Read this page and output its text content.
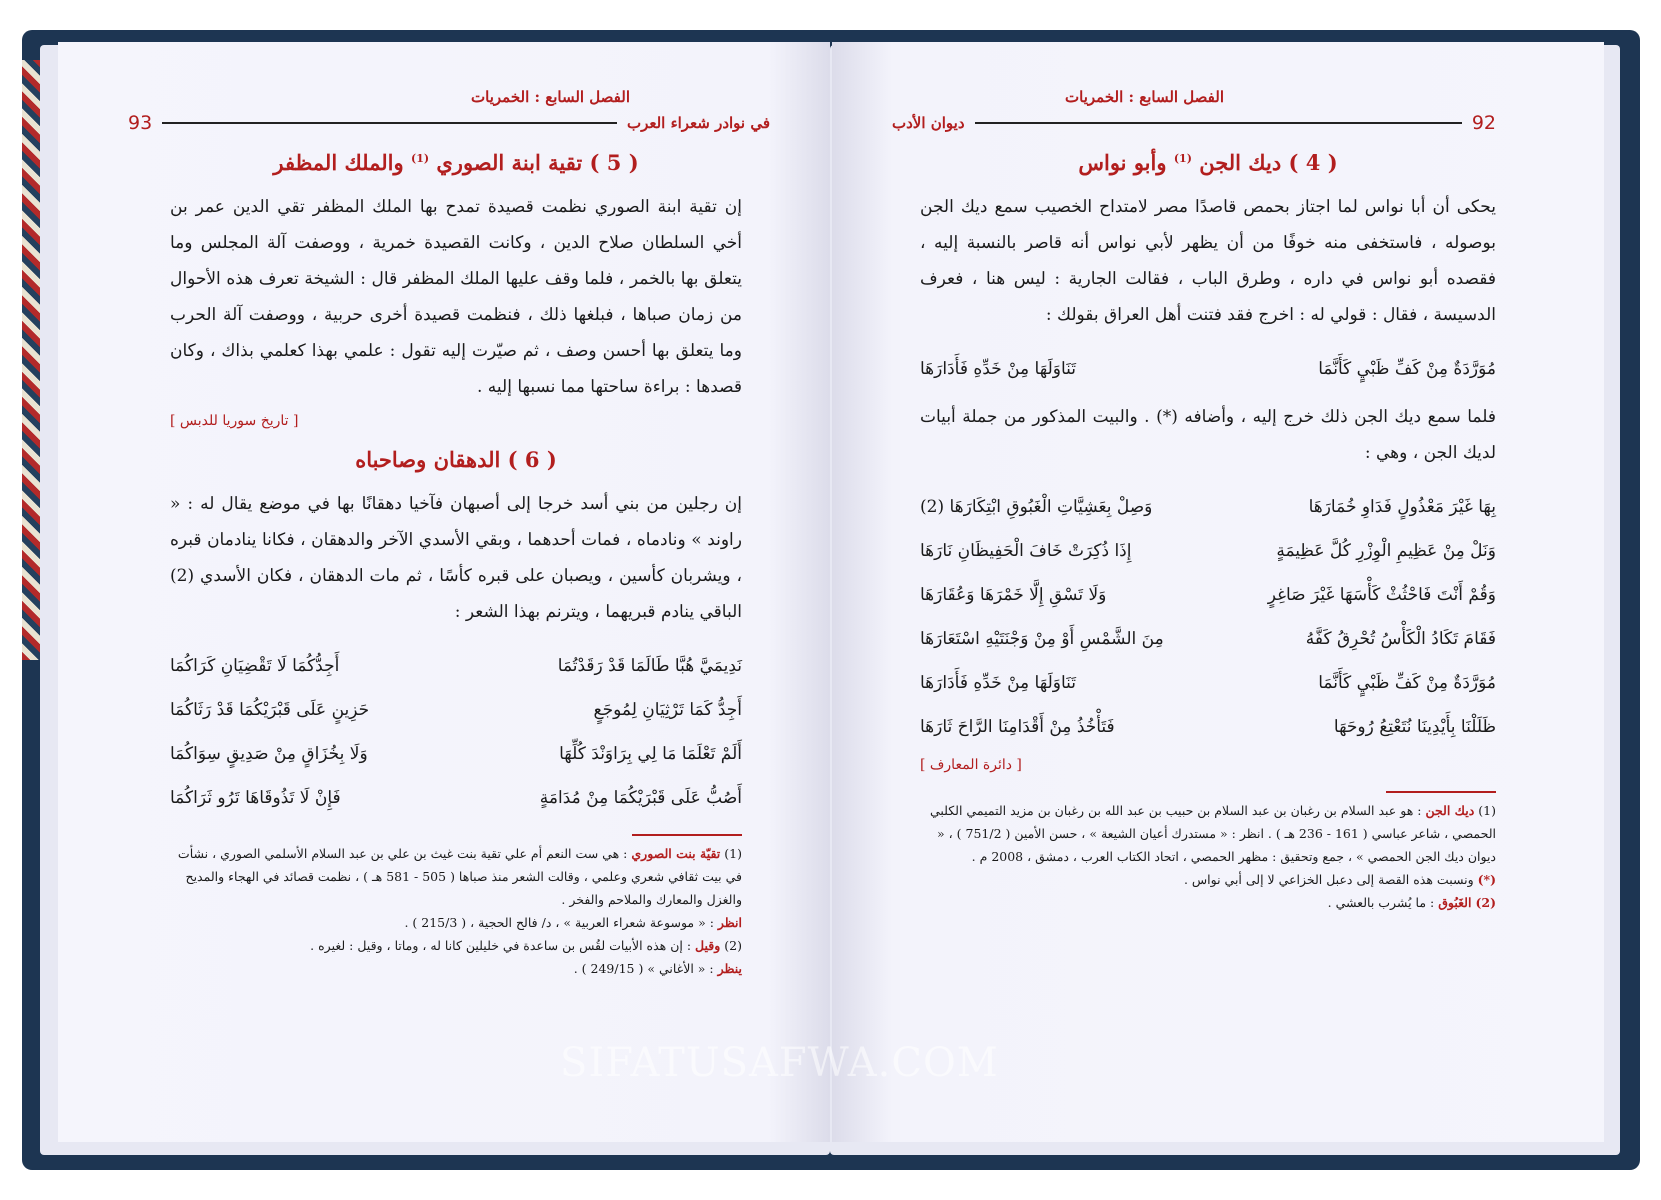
الفصل السابع : الخمريات
في نوادر شعراء العرب
93
( 5 ) تقية ابنة الصوري $^{(1)}$ والملك المظفر

إن تقية ابنة الصوري نظمت قصيدة تمدح بها الملك المظفر تقي الدين عمر بن أخي السلطان صلاح الدين ، وكانت القصيدة خمرية ، ووصفت آلة المجلس وما يتعلق بها بالخمر ، فلما وقف عليها الملك المظفر قال : الشيخة تعرف هذه الأحوال من زمان صباها ، فبلغها ذلك ، فنظمت قصيدة أخرى حربية ، ووصفت آلة الحرب وما يتعلق بها أحسن وصف ، ثم صيّرت إليه تقول : علمي بهذا كعلمي بذاك ، وكان قصدها : براءة ساحتها مما نسبها إليه .

[ تاريخ سوريا للدبس ]
( 6 ) الدهقان وصاحباه

إن رجلين من بني أسد خرجا إلى أصبهان فآخيا دهقانًا بها في موضع يقال له : « راوند » ونادماه ، فمات أحدهما ، وبقي الأسدي الآخر والدهقان ، فكانا ينادمان قبره ، ويشربان كأسين ، ويصبان على قبره كأسًا ، ثم مات الدهقان ، فكان الأسدي (2) الباقي ينادم قبريهما ، ويترنم بهذا الشعر :

نَدِيمَيَّ هُبَّا طَالَمَا قَدْ رَقَدْتُمَا
أَجِدُّكُمَا لَا تَقْضِيَانِ كَرَاكُمَا
أَجِدُّ كَمَا تَرْثِيَانِ لِمُوجَعٍ
حَزِينٍ عَلَى قَبْرَيْكُمَا قَدْ رَثَاكُمَا
أَلَمْ تَعْلَمَا مَا لِي بِرَاوَنْدَ كُلِّهَا
وَلَا بِخُزَاقٍ مِنْ صَدِيقٍ سِوَاكُمَا
أَصُبُّ عَلَى قَبْرَيْكُمَا مِنْ مُدَامَةٍ
فَإِنْ لَا تَذُوقَاهَا تَرُو ثَرَاكُمَا

(1) تقيّة بنت الصوري : هي ست النعم أم علي تقية بنت غيث بن علي بن عبد السلام الأسلمي الصوري ، نشأت في بيت ثقافي شعري وعلمي ، وقالت الشعر منذ صباها ( 505 - 581 هـ ) ، نظمت قصائد في الهجاء والمديح والغزل والمعارك والملاحم والفخر .

انظر : « موسوعة شعراء العربية » ، د/ فالح الحجية ، ( 215/3 ) .

(2) وقيل : إن هذه الأبيات لقُس بن ساعدة في خليلين كانا له ، وماتا ، وقيل : لغيره .

ينظر : « الأغاني » ( 249/15 ) .

الفصل السابع : الخمريات
92
ديوان الأدب
( 4 ) ديك الجن $^{(1)}$ وأبو نواس

يحكى أن أبا نواس لما اجتاز بحمص قاصدًا مصر لامتداح الخصيب سمع ديك الجن بوصوله ، فاستخفى منه خوفًا من أن يظهر لأبي نواس أنه قاصر بالنسبة إليه ، فقصده أبو نواس في داره ، وطرق الباب ، فقالت الجارية : ليس هنا ، فعرف الدسيسة ، فقال : قولي له : اخرج فقد فتنت أهل العراق بقولك :

مُوَرَّدَةٌ مِنْ كَفِّ ظَبْيٍ كَأَنَّمَا
تَنَاوَلَهَا مِنْ خَدِّهِ فَأَدَارَهَا

فلما سمع ديك الجن ذلك خرج إليه ، وأضافه (*) . والبيت المذكور من جملة أبيات لديك الجن ، وهي :

بِهَا غَيْرَ مَعْذُولٍ فَدَاوِ خُمَارَهَا
وَصِلْ بِعَشِيَّاتِ الْغَبُوقِ ابْتِكَارَهَا (2)
وَنَلْ مِنْ عَظِيمِ الْوِزْرِ كُلَّ عَظِيمَةٍ
إِذَا ذُكِرَتْ خَافَ الْحَفِيظَانِ نَارَهَا
وَقُمْ أَنْتَ فَاحْثُثْ كَأْسَهَا غَيْرَ صَاغِرٍ
وَلَا تَسْقِ إِلَّا خَمْرَهَا وَعُقَارَهَا
فَقَامَ تَكَادُ الْكَأْسُ تُحْرِقُ كَفَّهُ
مِنَ الشَّمْسِ أَوْ مِنْ وَجْنَتَيْهِ اسْتَعَارَهَا
مُوَرَّدَةٌ مِنْ كَفِّ ظَبْيٍ كَأَنَّمَا
تَنَاوَلَهَا مِنْ خَدِّهِ فَأَدَارَهَا
ظَلَلْنَا بِأَيْدِينَا نُتَعْتِعُ رُوحَهَا
فَتَأْخُذُ مِنْ أَقْدَامِنَا الرَّاحَ ثَارَهَا
[ دائرة المعارف ]

(1) ديك الجن : هو عبد السلام بن رغبان بن عبد السلام بن حبيب بن عبد الله بن رغبان بن مزيد التميمي الكلبي الحمصي ، شاعر عباسي ( 161 - 236 هـ ) . انظر : « مستدرك أعيان الشيعة » ، حسن الأمين ( 751/2 ) ، « ديوان ديك الجن الحمصي » ، جمع وتحقيق : مظهر الحمصي ، اتحاد الكتاب العرب ، دمشق ، 2008 م .

(*) ونسبت هذه القصة إلى دعبل الخزاعي لا إلى أبي نواس .

(2) الغَبُوق : ما يُشرب بالعشي .

SIFATUSAFWA.COM
